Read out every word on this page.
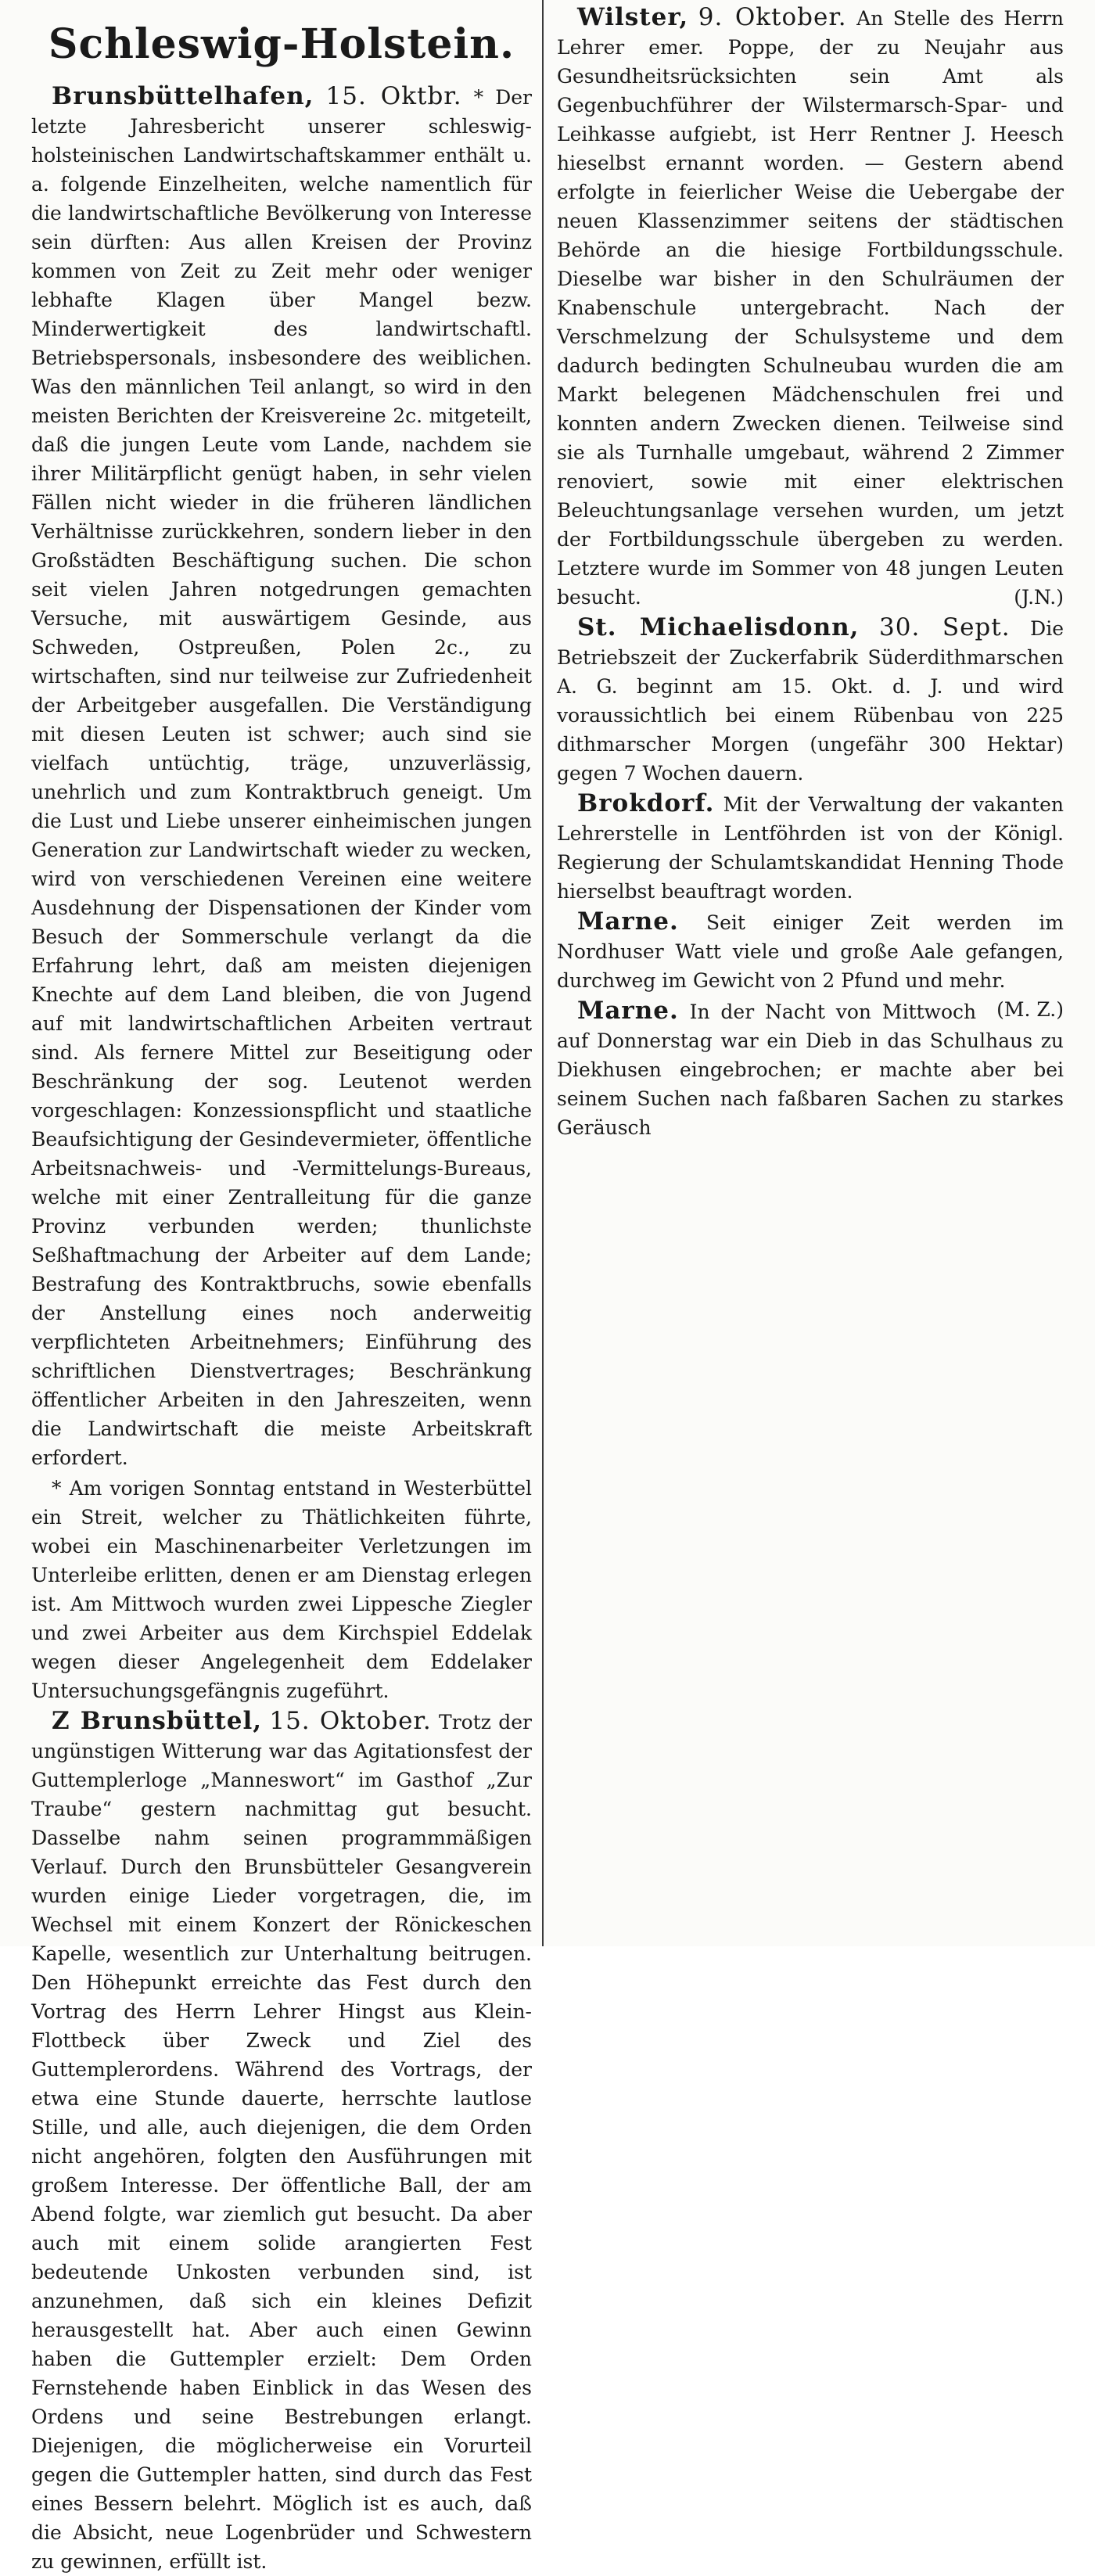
Schleswig-Holstein.

Brunsbüttelhafen, 15. Oktbr. * Der letzte Jahresbericht unserer schleswig-holsteinischen Landwirtschaftskammer enthält u. a. folgende Einzelheiten, welche namentlich für die landwirtschaftliche Bevölkerung von Interesse sein dürften: Aus allen Kreisen der Provinz kommen von Zeit zu Zeit mehr oder weniger lebhafte Klagen über Mangel bezw. Minderwertigkeit des landwirtschaftl. Betriebspersonals, insbesondere des weiblichen. Was den männlichen Teil anlangt, so wird in den meisten Berichten der Kreisvereine 2c. mitgeteilt, daß die jungen Leute vom Lande, nachdem sie ihrer Militärpflicht genügt haben, in sehr vielen Fällen nicht wieder in die früheren ländlichen Verhältnisse zurückkehren, sondern lieber in den Großstädten Beschäftigung suchen. Die schon seit vielen Jahren notgedrungen gemachten Versuche, mit auswärtigem Gesinde, aus Schweden, Ostpreußen, Polen 2c., zu wirtschaften, sind nur teilweise zur Zufriedenheit der Arbeitgeber ausgefallen. Die Verständigung mit diesen Leuten ist schwer; auch sind sie vielfach untüchtig, träge, unzuverlässig, unehrlich und zum Kontraktbruch geneigt. Um die Lust und Liebe unserer einheimischen jungen Generation zur Landwirtschaft wieder zu wecken, wird von verschiedenen Vereinen eine weitere Ausdehnung der Dispensationen der Kinder vom Besuch der Sommerschule verlangt da die Erfahrung lehrt, daß am meisten diejenigen Knechte auf dem Land bleiben, die von Jugend auf mit landwirtschaftlichen Arbeiten vertraut sind. Als fernere Mittel zur Beseitigung oder Beschränkung der sog. Leutenot werden vorgeschlagen: Konzessionspflicht und staatliche Beaufsichtigung der Gesindevermieter, öffentliche Arbeitsnachweis- und -Vermittelungs-Bureaus, welche mit einer Zentralleitung für die ganze Provinz verbunden werden; thunlichste Seßhaftmachung der Arbeiter auf dem Lande; Bestrafung des Kontraktbruchs, sowie ebenfalls der Anstellung eines noch anderweitig verpflichteten Arbeitnehmers; Einführung des schriftlichen Dienstvertrages; Beschränkung öffentlicher Arbeiten in den Jahreszeiten, wenn die Landwirtschaft die meiste Arbeitskraft erfordert.

* Am vorigen Sonntag entstand in Westerbüttel ein Streit, welcher zu Thätlichkeiten führte, wobei ein Maschinenarbeiter Verletzungen im Unterleibe erlitten, denen er am Dienstag erlegen ist. Am Mittwoch wurden zwei Lippesche Ziegler und zwei Arbeiter aus dem Kirchspiel Eddelak wegen dieser Angelegenheit dem Eddelaker Untersuchungsgefängnis zugeführt.

Z Brunsbüttel, 15. Oktober. Trotz der ungünstigen Witterung war das Agitationsfest der Guttemplerloge „Manneswort“ im Gasthof „Zur Traube“ gestern nachmittag gut besucht. Dasselbe nahm seinen programmmäßigen Verlauf. Durch den Brunsbütteler Gesangverein wurden einige Lieder vorgetragen, die, im Wechsel mit einem Konzert der Rönickeschen Kapelle, wesentlich zur Unterhaltung beitrugen. Den Höhepunkt erreichte das Fest durch den Vortrag des Herrn Lehrer Hingst aus Klein-Flottbeck über Zweck und Ziel des Guttemplerordens. Während des Vortrags, der etwa eine Stunde dauerte, herrschte lautlose Stille, und alle, auch diejenigen, die dem Orden nicht angehören, folgten den Ausführungen mit großem Interesse. Der öffentliche Ball, der am Abend folgte, war ziemlich gut besucht. Da aber auch mit einem solide arangierten Fest bedeutende Unkosten verbunden sind, ist anzunehmen, daß sich ein kleines Defizit herausgestellt hat. Aber auch einen Gewinn haben die Guttempler erzielt: Dem Orden Fernstehende haben Einblick in das Wesen des Ordens und seine Bestrebungen erlangt. Diejenigen, die möglicherweise ein Vorurteil gegen die Guttempler hatten, sind durch das Fest eines Bessern belehrt. Möglich ist es auch, daß die Absicht, neue Logenbrüder und Schwestern zu gewinnen, erfüllt ist.

Wilster, 9. Oktober. An Stelle des Herrn Lehrer emer. Poppe, der zu Neujahr aus Gesundheitsrücksichten sein Amt als Gegenbuchführer der Wilstermarsch-Spar- und Leihkasse aufgiebt, ist Herr Rentner J. Heesch hieselbst ernannt worden. — Gestern abend erfolgte in feierlicher Weise die Uebergabe der neuen Klassenzimmer seitens der städtischen Behörde an die hiesige Fortbildungsschule. Dieselbe war bisher in den Schulräumen der Knabenschule untergebracht. Nach der Verschmelzung der Schulsysteme und dem dadurch bedingten Schulneubau wurden die am Markt belegenen Mädchenschulen frei und konnten andern Zwecken dienen. Teilweise sind sie als Turnhalle umgebaut, während 2 Zimmer renoviert, sowie mit einer elektrischen Beleuchtungsanlage versehen wurden, um jetzt der Fortbildungsschule übergeben zu werden. Letztere wurde im Sommer von 48 jungen Leuten besucht.	(J.N.)

St. Michaelisdonn, 30. Sept. Die Betriebszeit der Zuckerfabrik Süderdithmarschen A. G. beginnt am 15. Okt. d. J. und wird voraussichtlich bei einem Rübenbau von 225 dithmarscher Morgen (ungefähr 300 Hektar) gegen 7 Wochen dauern.

Brokdorf. Mit der Verwaltung der vakanten Lehrerstelle in Lentföhrden ist von der Königl. Regierung der Schulamtskandidat Henning Thode hierselbst beauftragt worden.

Marne. Seit einiger Zeit werden im Nordhuser Watt viele und große Aale gefangen, durchweg im Gewicht von 2 Pfund und mehr.
(M. Z.)

Marne. In der Nacht von Mittwoch auf Donnerstag war ein Dieb in das Schulhaus zu Diekhusen eingebrochen; er machte aber bei seinem Suchen nach faßbaren Sachen zu starkes Geräusch
